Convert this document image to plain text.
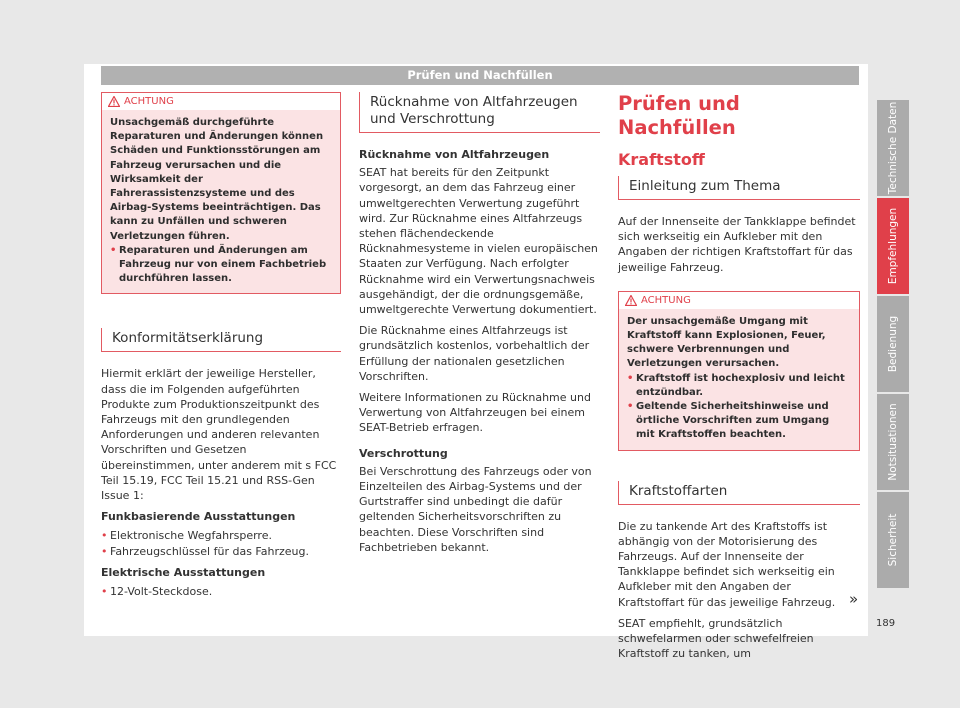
Prüfen und Nachfüllen
ACHTUNG

Unsachgemäß durchgeführte Reparaturen und Änderungen können Schäden und Funktionsstörungen am Fahrzeug verursachen und die Wirksamkeit der Fahrerassistenzsysteme und des Airbag-Systems beeinträchtigen. Das kann zu Unfällen und schweren Verletzungen führen.

• Reparaturen und Änderungen am Fahrzeug nur von einem Fachbetrieb durchführen lassen.

Konformitätserklärung

Hiermit erklärt der jeweilige Hersteller, dass die im Folgenden aufgeführten Produkte zum Produktionszeitpunkt des Fahrzeugs mit den grundlegenden Anforderungen und anderen relevanten Vorschriften und Gesetzen übereinstimmen, unter anderem mit s FCC Teil 15.19, FCC Teil 15.21 und RSS-Gen Issue 1:

Funkbasierende Ausstattungen

• Elektronische Wegfahrsperre.
• Fahrzeugschlüssel für das Fahrzeug.

Elektrische Ausstattungen

• 12-Volt-Steckdose.
Rücknahme von Altfahrzeugen und Verschrottung

Rücknahme von Altfahrzeugen

SEAT hat bereits für den Zeitpunkt vorgesorgt, an dem das Fahrzeug einer umweltgerechten Verwertung zugeführt wird. Zur Rücknahme eines Altfahrzeugs stehen flächendeckende Rücknahmesysteme in vielen europäischen Staaten zur Verfügung. Nach erfolgter Rücknahme wird ein Verwertungsnachweis ausgehändigt, der die ordnungsgemäße, umweltgerechte Verwertung dokumentiert.

Die Rücknahme eines Altfahrzeugs ist grundsätzlich kostenlos, vorbehaltlich der Erfüllung der nationalen gesetzlichen Vorschriften.

Weitere Informationen zu Rücknahme und Verwertung von Altfahrzeugen bei einem SEAT-Betrieb erfragen.

Verschrottung

Bei Verschrottung des Fahrzeugs oder von Einzelteilen des Airbag-Systems und der Gurtstraffer sind unbedingt die dafür geltenden Sicherheitsvorschriften zu beachten. Diese Vorschriften sind Fachbetrieben bekannt.

Prüfen und Nachfüllen
Kraftstoff
Einleitung zum Thema

Auf der Innenseite der Tankklappe befindet sich werkseitig ein Aufkleber mit den Angaben der richtigen Kraftstoffart für das jeweilige Fahrzeug.

ACHTUNG

Der unsachgemäße Umgang mit Kraftstoff kann Explosionen, Feuer, schwere Verbrennungen und Verletzungen verursachen.

• Kraftstoff ist hochexplosiv und leicht entzündbar.

• Geltende Sicherheitshinweise und örtliche Vorschriften zum Umgang mit Kraftstoffen beachten.

Kraftstoffarten

Die zu tankende Art des Kraftstoffs ist abhängig von der Motorisierung des Fahrzeugs. Auf der Innenseite der Tankklappe befindet sich werkseitig ein Aufkleber mit den Angaben der Kraftstoffart für das jeweilige Fahrzeug.

SEAT empfiehlt, grundsätzlich schwefelarmen oder schwefelfreien Kraftstoff zu tanken, um

»
Technische Daten
Empfehlungen
Bedienung
Notsituationen
Sicherheit
189
